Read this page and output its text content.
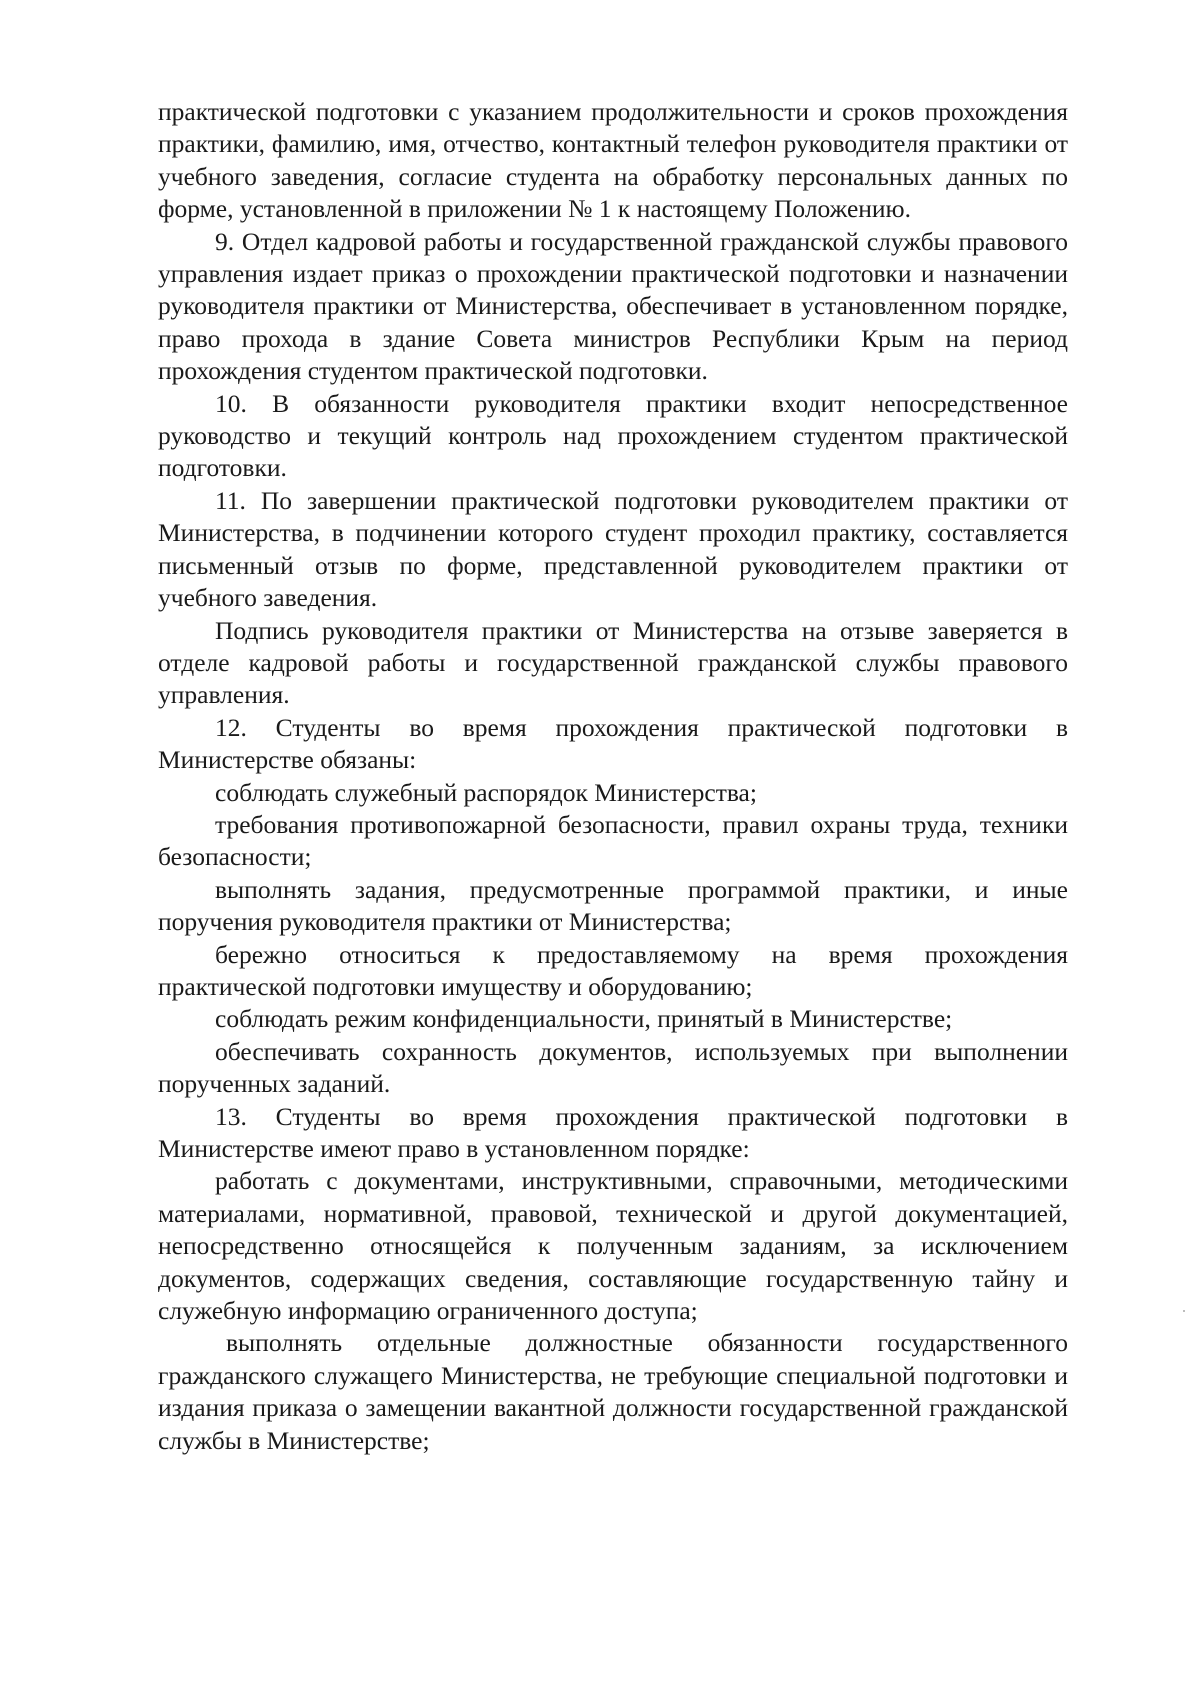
практической подготовки с указанием продолжительности и сроков прохождения практики, фамилию, имя, отчество, контактный телефон руководителя практики от учебного заведения, согласие студента на обработку персональных данных по форме, установленной в приложении № 1 к настоящему Положению.

9. Отдел кадровой работы и государственной гражданской службы правового управления издает приказ о прохождении практической подготовки и назначении руководителя практики от Министерства, обеспечивает в установленном порядке, право прохода в здание Совета министров Республики Крым на период прохождения студентом практической подготовки.

10. В обязанности руководителя практики входит непосредственное руководство и текущий контроль над прохождением студентом практической подготовки.

11. По завершении практической подготовки руководителем практики от Министерства, в подчинении которого студент проходил практику, составляется письменный отзыв по форме, представленной руководителем практики от учебного заведения.

Подпись руководителя практики от Министерства на отзыве заверяется в отделе кадровой работы и государственной гражданской службы правового управления.

12. Студенты во время прохождения практической подготовки в Министерстве обязаны:

соблюдать служебный распорядок Министерства;

требования противопожарной безопасности, правил охраны труда, техники безопасности;

выполнять задания, предусмотренные программой практики, и иные поручения руководителя практики от Министерства;

бережно относиться к предоставляемому на время прохождения практической подготовки имуществу и оборудованию;

соблюдать режим конфиденциальности, принятый в Министерстве;

обеспечивать сохранность документов, используемых при выполнении порученных заданий.

13. Студенты во время прохождения практической подготовки в Министерстве имеют право в установленном порядке:

работать с документами, инструктивными, справочными, методическими материалами, нормативной, правовой, технической и другой документацией, непосредственно относящейся к полученным заданиям, за исключением документов, содержащих сведения, составляющие государственную тайну и служебную информацию ограниченного доступа;

выполнять отдельные должностные обязанности государственного гражданского служащего Министерства, не требующие специальной подготовки и издания приказа о замещении вакантной должности государственной гражданской службы в Министерстве;
